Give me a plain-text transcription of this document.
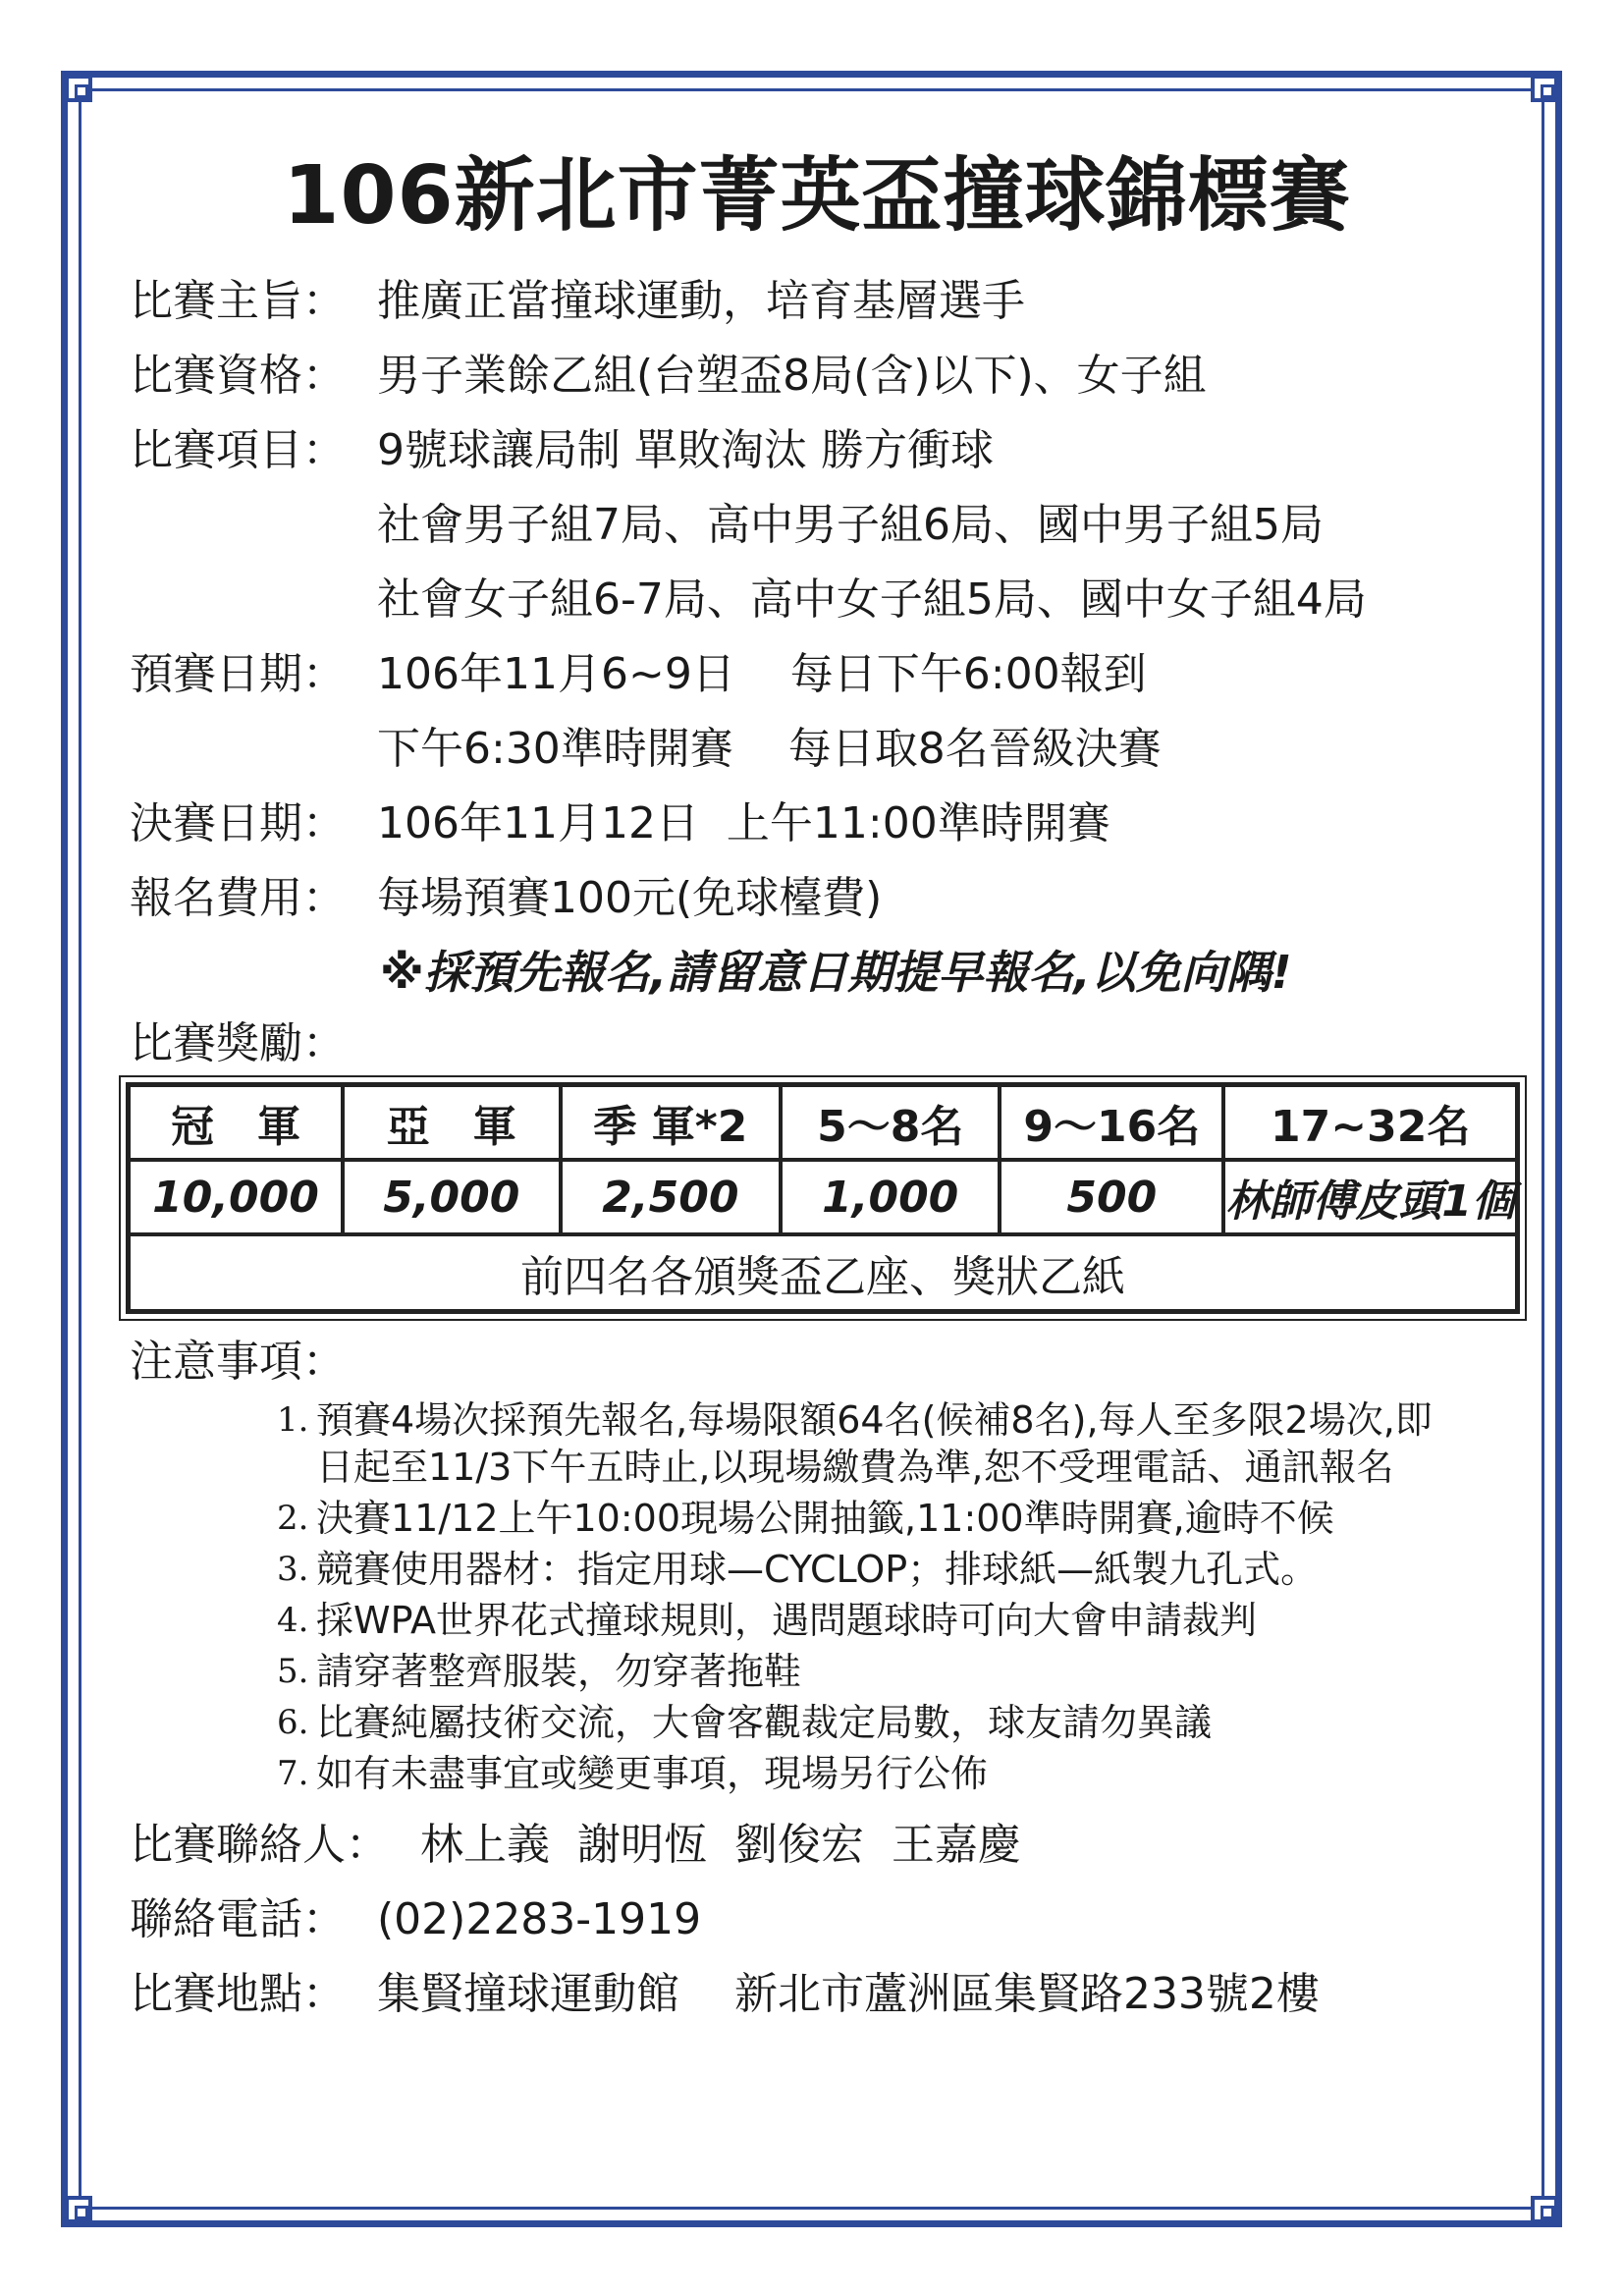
106新北市菁英盃撞球錦標賽
比賽主旨： 推廣正當撞球運動，培育基層選手
比賽資格： 男子業餘乙組(台塑盃8局(含)以下)、女子組
比賽項目： 9號球讓局制 單敗淘汰 勝方衝球
社會男子組7局、高中男子組6局、國中男子組5局
社會女子組6-7局、高中女子組5局、國中女子組4局
預賽日期： 106年11月6~9日    每日下午6:00報到
下午6:30準時開賽    每日取8名晉級決賽
決賽日期： 106年11月12日  上午11:00準時開賽
報名費用： 每場預賽100元(免球檯費)
※採預先報名,請留意日期提早報名,以免向隅!
比賽獎勵：
冠　軍	亞　軍	季 軍*2	5～8名	9～16名	17~32名
10,000	5,000	2,500	1,000	500	林師傅皮頭1個
前四名各頒獎盃乙座、獎狀乙紙					
注意事項：
1. 預賽4場次採預先報名,每場限額64名(候補8名),每人至多限2場次,即日起至11/3下午五時止,以現場繳費為準,恕不受理電話、通訊報名
2. 決賽11/12上午10:00現場公開抽籤,11:00準時開賽,逾時不候
3. 競賽使用器材：指定用球—CYCLOP；排球紙—紙製九孔式。
4. 採WPA世界花式撞球規則，遇問題球時可向大會申請裁判
5. 請穿著整齊服裝，勿穿著拖鞋
6. 比賽純屬技術交流，大會客觀裁定局數，球友請勿異議
7. 如有未盡事宜或變更事項，現場另行公佈
比賽聯絡人： 林上義  謝明恆  劉俊宏  王嘉慶
聯絡電話： (02)2283-1919
比賽地點： 集賢撞球運動館    新北市蘆洲區集賢路233號2樓
